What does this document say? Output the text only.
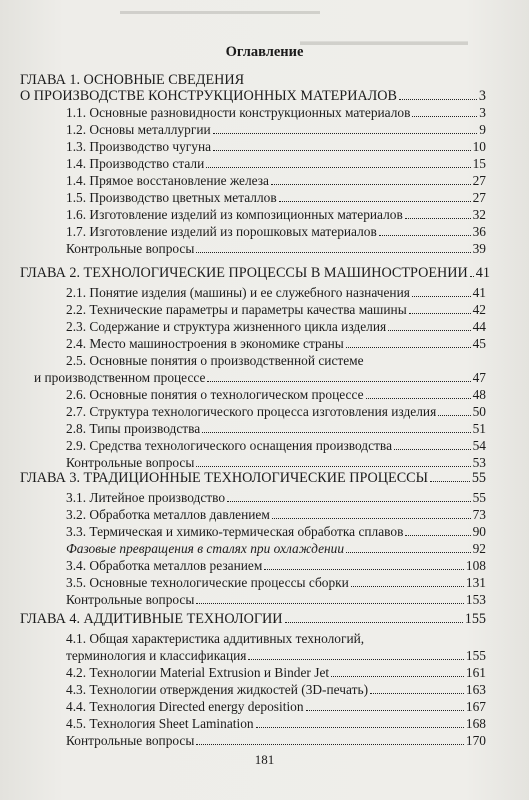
▬▬▬▬▬▬▬▬▬▬▬▬▬▬▬▬▬▬▬▬
▬▬▬▬▬▬▬▬▬▬▬▬▬▬
Оглавление
ГЛАВА 1. ОСНОВНЫЕ СВЕДЕНИЯ
О ПРОИЗВОДСТВЕ КОНСТРУКЦИОННЫХ МАТЕРИАЛОВ	3
1.1. Основные разновидности конструкционных материалов	3
1.2. Основы металлургии	9
1.3. Производство чугуна	10
1.4. Производство стали	15
1.4. Прямое восстановление железа	27
1.5. Производство цветных металлов	27
1.6. Изготовление изделий из композиционных материалов	32
1.7. Изготовление изделий из порошковых материалов	36
Контрольные вопросы	39
ГЛАВА 2. ТЕХНОЛОГИЧЕСКИЕ ПРОЦЕССЫ В МАШИНОСТРОЕНИИ 41
2.1. Понятие изделия (машины) и ее служебного назначения	41
2.2. Технические параметры и параметры качества машины	42
2.3. Содержание и структура жизненного цикла изделия	44
2.4. Место машиностроения в экономике страны	45
2.5. Основные понятия о производственной системе
и производственном процессе	47
2.6. Основные понятия о технологическом процессе	48
2.7. Структура технологического процесса изготовления изделия	50
2.8. Типы производства	51
2.9. Средства технологического оснащения производства	54
Контрольные вопросы	53
ГЛАВА 3. ТРАДИЦИОННЫЕ ТЕХНОЛОГИЧЕСКИЕ ПРОЦЕССЫ	55
3.1. Литейное производство	55
3.2. Обработка металлов давлением	73
3.3. Термическая и химико-термическая обработка сплавов	90
Фазовые превращения в сталях при охлаждении	92
3.4. Обработка металлов резанием	108
3.5. Основные технологические процессы сборки	131
Контрольные вопросы	153
ГЛАВА 4. АДДИТИВНЫЕ ТЕХНОЛОГИИ	155
4.1. Общая характеристика аддитивных технологий,
терминология и классификация	155
4.2. Технологии Material Extrusion и Binder Jet	161
4.3. Технологии отверждения жидкостей (3D-печать)	163
4.4. Технология Directed energy deposition	167
4.5. Технология Sheet Lamination	168
Контрольные вопросы	170
181
